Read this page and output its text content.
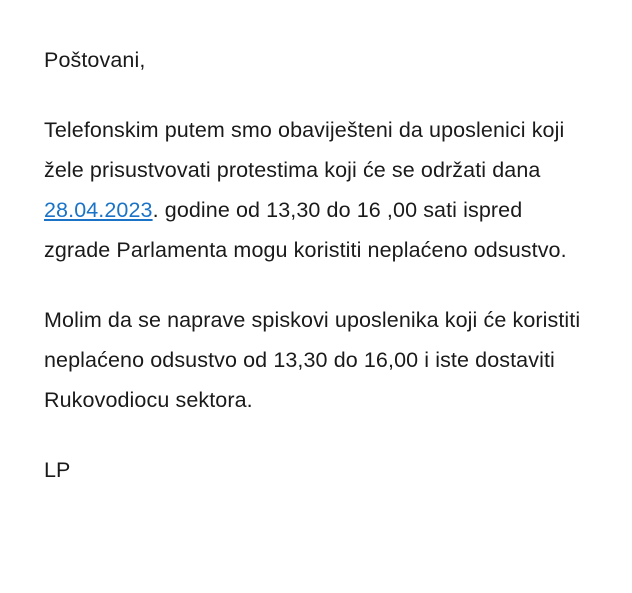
Poštovani,

Telefonskim putem smo obaviješteni da uposlenici koji žele prisustvovati protestima koji će se održati dana 28.04.2023. godine od 13,30 do 16 ,00 sati ispred zgrade Parlamenta mogu koristiti neplaćeno odsustvo.

Molim da se naprave spiskovi uposlenika koji će koristiti neplaćeno odsustvo od 13,30 do 16,00 i iste dostaviti Rukovodiocu sektora.

LP
